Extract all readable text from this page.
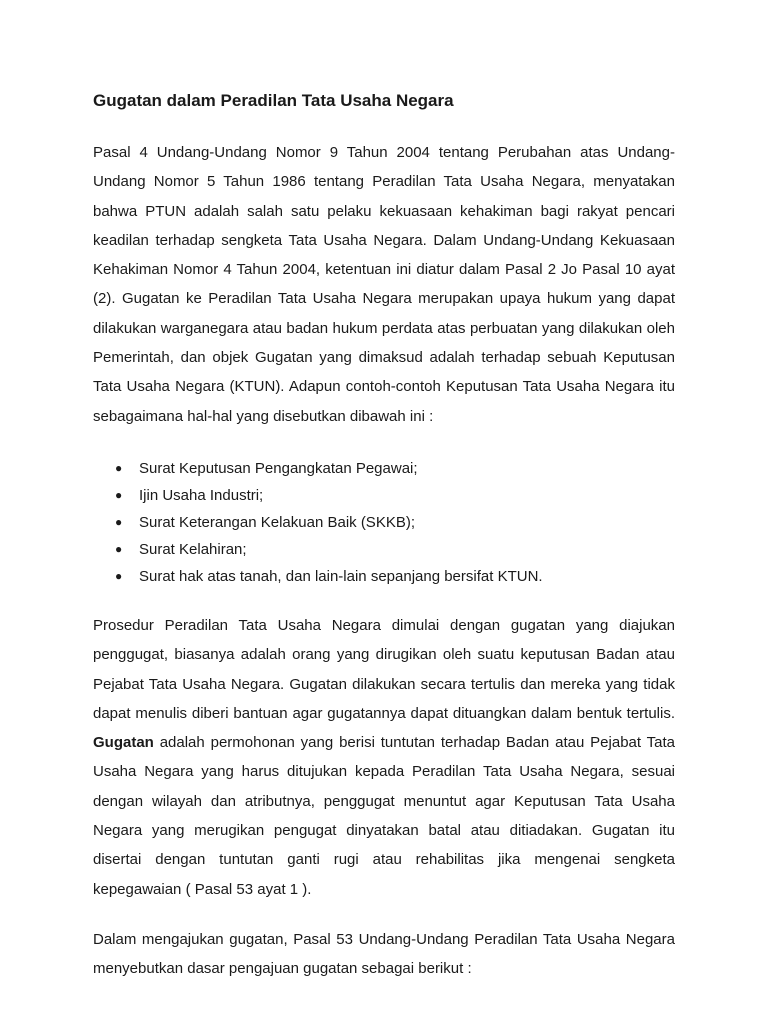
Gugatan dalam Peradilan Tata Usaha Negara

Pasal 4 Undang-Undang Nomor 9 Tahun 2004 tentang Perubahan atas Undang-Undang Nomor 5 Tahun 1986 tentang Peradilan Tata Usaha Negara, menyatakan bahwa PTUN adalah salah satu pelaku kekuasaan kehakiman bagi rakyat pencari keadilan terhadap sengketa Tata Usaha Negara. Dalam Undang-Undang Kekuasaan Kehakiman Nomor 4 Tahun 2004, ketentuan ini diatur dalam Pasal 2 Jo Pasal 10 ayat (2). Gugatan ke Peradilan Tata Usaha Negara merupakan upaya hukum yang dapat dilakukan warganegara atau badan hukum perdata atas perbuatan yang dilakukan oleh Pemerintah, dan objek Gugatan yang dimaksud adalah terhadap sebuah Keputusan Tata Usaha Negara (KTUN). Adapun contoh-contoh Keputusan Tata Usaha Negara itu sebagaimana hal-hal yang disebutkan dibawah ini :

● Surat Keputusan Pengangkatan Pegawai;
● Ijin Usaha Industri;
● Surat Keterangan Kelakuan Baik (SKKB);
● Surat Kelahiran;
● Surat hak atas tanah, dan lain-lain sepanjang bersifat KTUN.

Prosedur Peradilan Tata Usaha Negara dimulai dengan gugatan yang diajukan penggugat, biasanya adalah orang yang dirugikan oleh suatu keputusan Badan atau Pejabat Tata Usaha Negara. Gugatan dilakukan secara tertulis dan mereka yang tidak dapat menulis diberi bantuan agar gugatannya dapat dituangkan dalam bentuk tertulis. Gugatan adalah permohonan yang berisi tuntutan terhadap Badan atau Pejabat Tata Usaha Negara yang harus ditujukan kepada Peradilan Tata Usaha Negara, sesuai dengan wilayah dan atributnya, penggugat menuntut agar Keputusan Tata Usaha Negara yang merugikan pengugat dinyatakan batal atau ditiadakan. Gugatan itu disertai dengan tuntutan ganti rugi atau rehabilitas jika mengenai sengketa kepegawaian ( Pasal 53 ayat 1 ).

Dalam mengajukan gugatan, Pasal 53 Undang-Undang Peradilan Tata Usaha Negara menyebutkan dasar pengajuan gugatan sebagai berikut :
